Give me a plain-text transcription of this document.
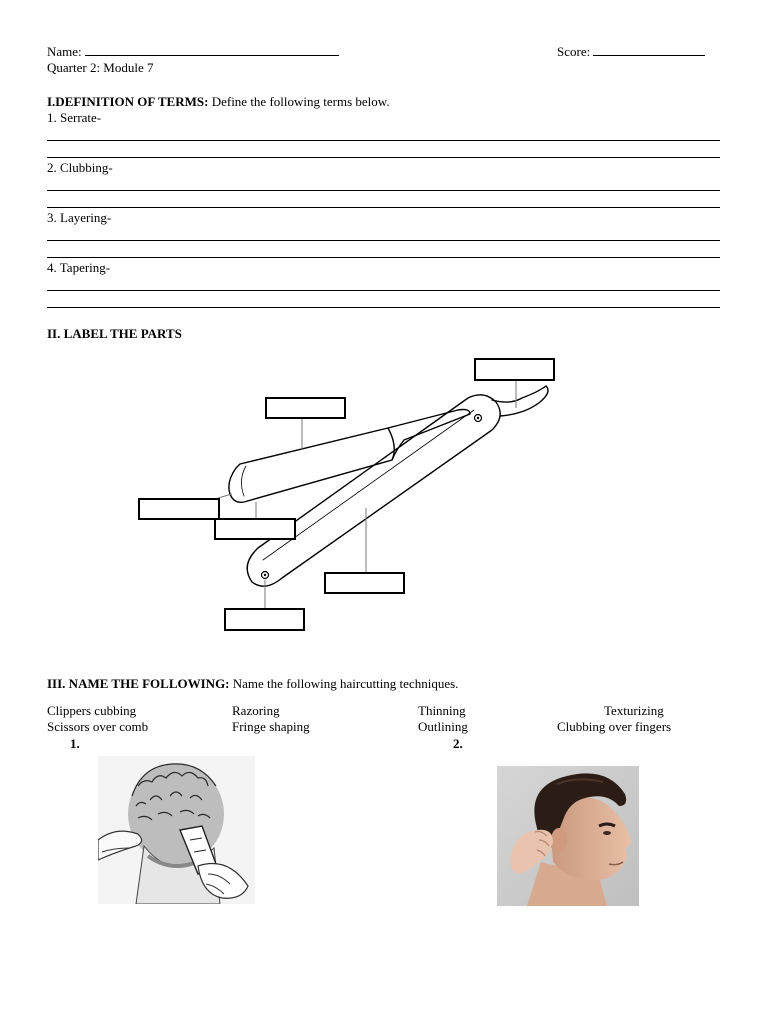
Name:	Score:
Quarter 2: Module 7
I.DEFINITION OF TERMS: Define the following terms below.
1. Serrate-
2. Clubbing-
3. Layering-
4. Tapering-
II. LABEL THE PARTS
III. NAME THE FOLLOWING: Name the following haircutting techniques.
Clippers cubbing	Razoring	Thinning	Texturizing
Scissors over comb	Fringe shaping	Outlining	Clubbing over fingers
1.	2.
